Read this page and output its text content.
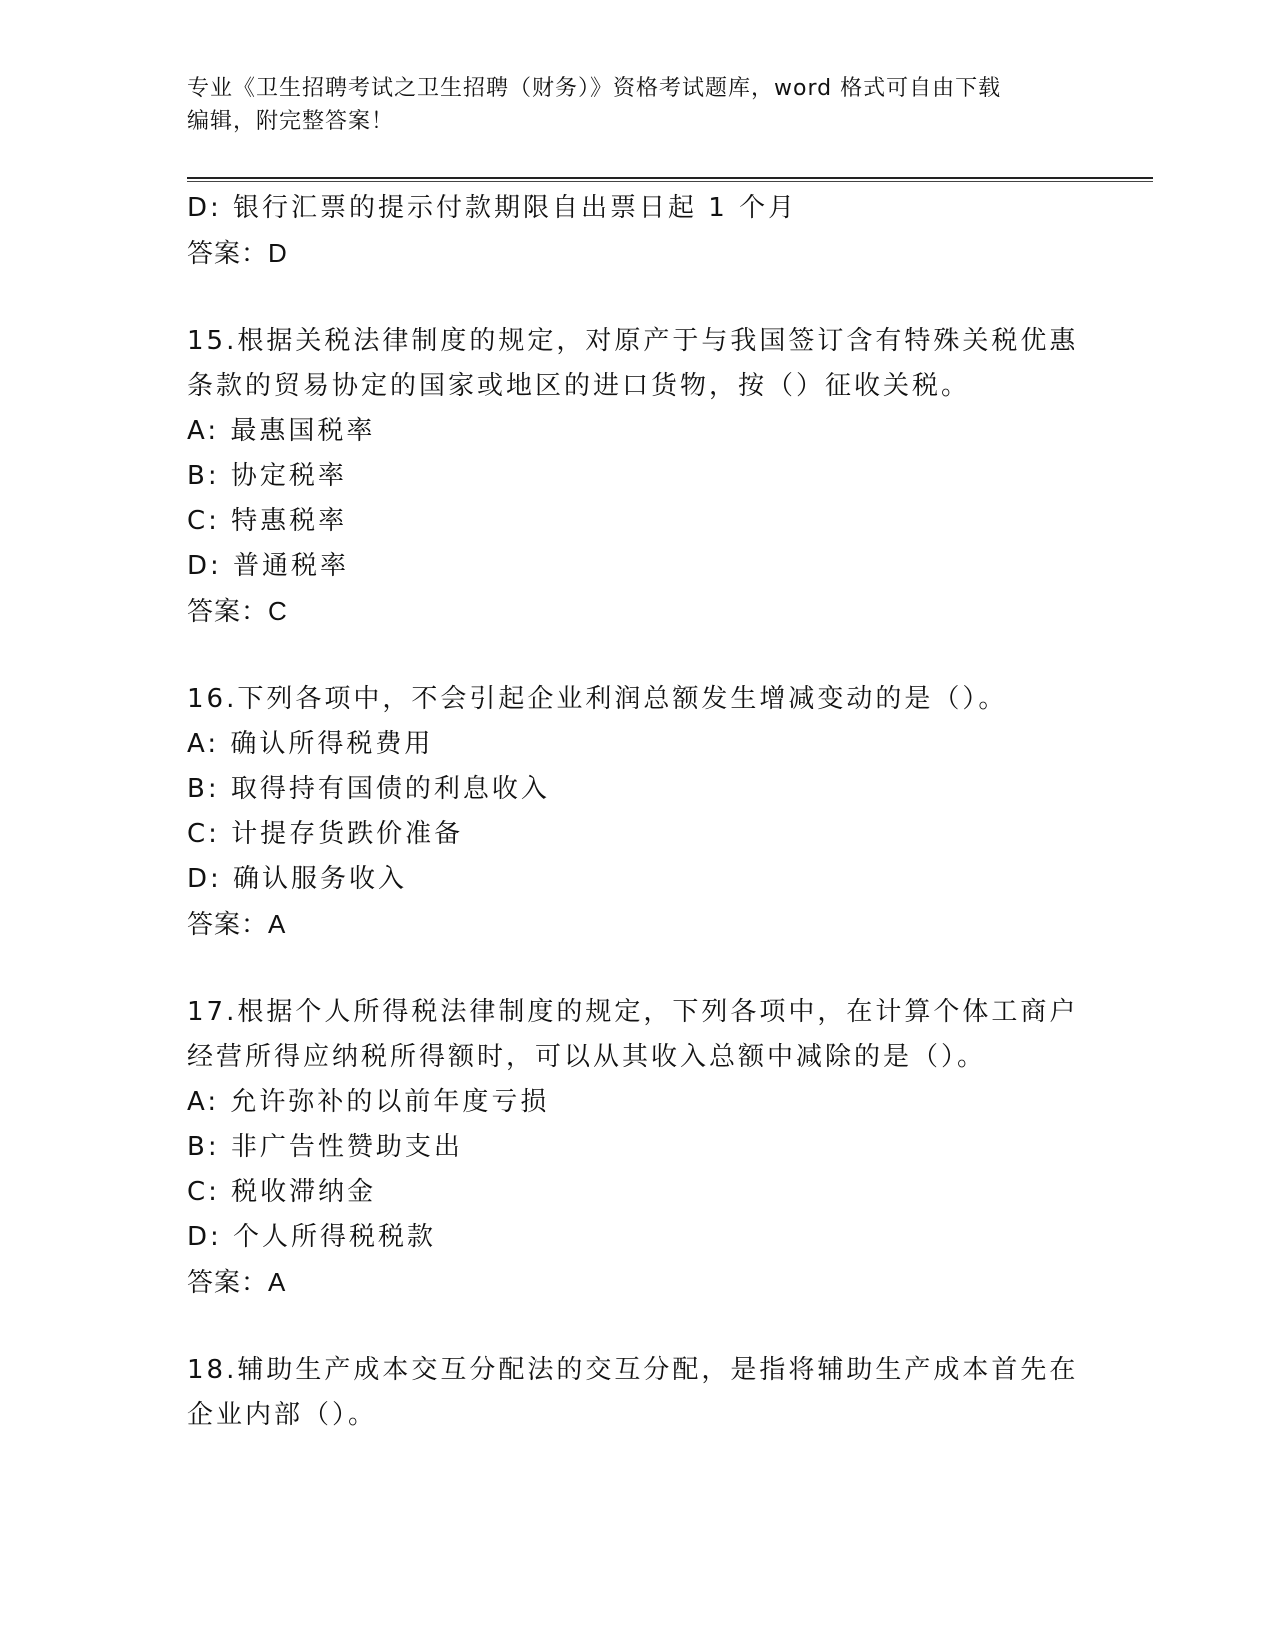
专业《卫生招聘考试之卫生招聘（财务）》资格考试题库，word 格式可自由下载
编辑，附完整答案！
D: 银行汇票的提示付款期限自出票日起 1 个月
答案：D
15.根据关税法律制度的规定，对原产于与我国签订含有特殊关税优惠
条款的贸易协定的国家或地区的进口货物，按（）征收关税。
A: 最惠国税率
B: 协定税率
C: 特惠税率
D: 普通税率
答案：C
16.下列各项中，不会引起企业利润总额发生增减变动的是（）。
A: 确认所得税费用
B: 取得持有国债的利息收入
C: 计提存货跌价准备
D: 确认服务收入
答案：A
17.根据个人所得税法律制度的规定，下列各项中，在计算个体工商户
经营所得应纳税所得额时，可以从其收入总额中减除的是（）。
A: 允许弥补的以前年度亏损
B: 非广告性赞助支出
C: 税收滞纳金
D: 个人所得税税款
答案：A
18.辅助生产成本交互分配法的交互分配，是指将辅助生产成本首先在
企业内部（）。
